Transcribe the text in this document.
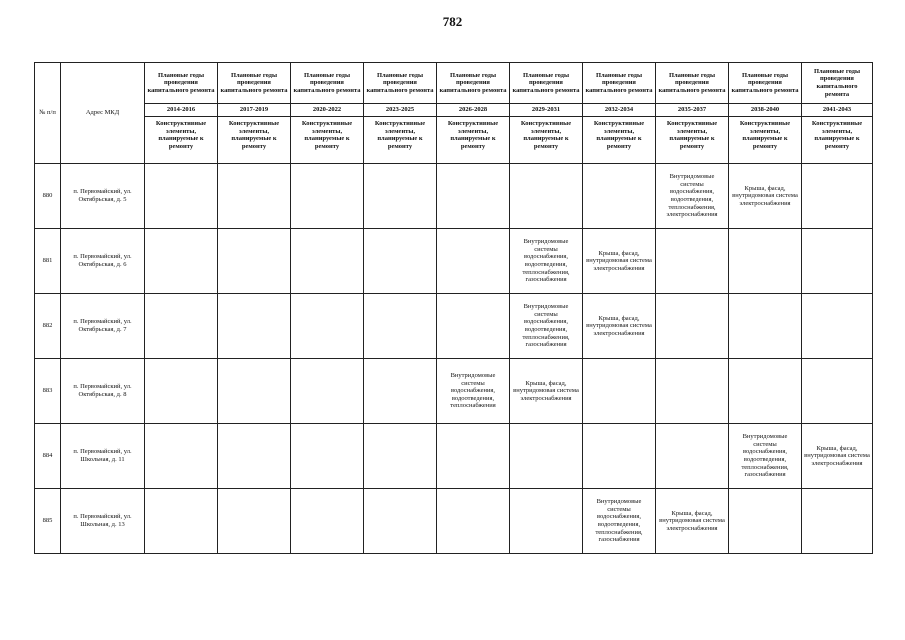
782
№ п/п	Адрес МКД	Плановые годы проведения капитального ремонта	Плановые годы проведения капитального ремонта	Плановые годы проведения капитального ремонта	Плановые годы проведения капитального ремонта	Плановые годы проведения капитального ремонта	Плановые годы проведения капитального ремонта	Плановые годы проведения капитального ремонта	Плановые годы проведения капитального ремонта	Плановые годы проведения капитального ремонта	Плановые годы проведения капитального ремонта
		2014-2016	2017-2019	2020-2022	2023-2025	2026-2028	2029-2031	2032-2034	2035-2037	2038-2040	2041-2043
		Конструктивные элементы, планируемые к ремонту	Конструктивные элементы, планируемые к ремонту	Конструктивные элементы, планируемые к ремонту	Конструктивные элементы, планируемые к ремонту	Конструктивные элементы, планируемые к ремонту	Конструктивные элементы, планируемые к ремонту	Конструктивные элементы, планируемые к ремонту	Конструктивные элементы, планируемые к ремонту	Конструктивные элементы, планируемые к ремонту	Конструктивные элементы, планируемые к ремонту
880	п. Первомайский, ул. Октябрьская, д. 5								Внутридомовые системы водоснабжения, водоотведения, теплоснабжения, электроснабжения	Крыша, фасад, внутридомовая система электроснабжения	
881	п. Первомайский, ул. Октябрьская, д. 6						Внутридомовые системы водоснабжения, водоотведения, теплоснабжения, газоснабжения	Крыша, фасад, внутридомовая система электроснабжения			
882	п. Первомайский, ул. Октябрьская, д. 7						Внутридомовые системы водоснабжения, водоотведения, теплоснабжения, газоснабжения	Крыша, фасад, внутридомовая система электроснабжения			
883	п. Первомайский, ул. Октябрьская, д. 8					Внутридомовые системы водоснабжения, водоотведения, теплоснабжения	Крыша, фасад, внутридомовая система электроснабжения				
884	п. Первомайский, ул. Школьная, д. 11									Внутридомовые системы водоснабжения, водоотведения, теплоснабжения, газоснабжения	Крыша, фасад, внутридомовая система электроснабжения
885	п. Первомайский, ул. Школьная, д. 13							Внутридомовые системы водоснабжения, водоотведения, теплоснабжения, газоснабжения	Крыша, фасад, внутридомовая система электроснабжения		
